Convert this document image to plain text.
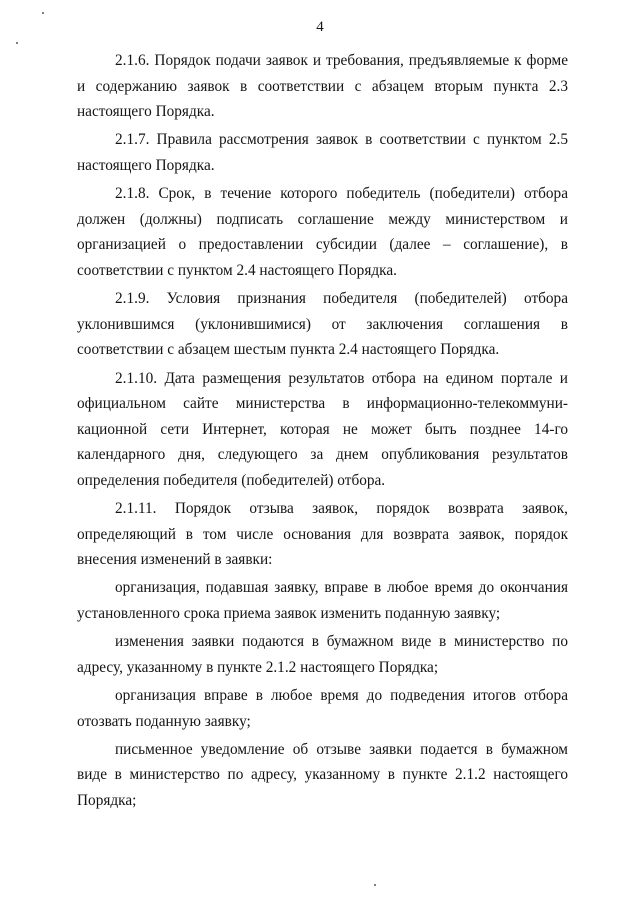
4

2.1.6. Порядок подачи заявок и требования, предъявляемые к форме и содержанию заявок в соответствии с абзацем вторым пункта 2.3 настоящего Порядка.

2.1.7. Правила рассмотрения заявок в соответствии с пунктом 2.5 настоящего Порядка.

2.1.8. Срок, в течение которого победитель (победители) отбора должен (должны) подписать соглашение между министерством и организацией о предоставлении субсидии (далее – соглашение), в соответствии с пунктом 2.4 настоящего Порядка.

2.1.9. Условия признания победителя (победителей) отбора уклонившимся (уклонившимися) от заключения соглашения в соответствии с абзацем шестым пункта 2.4 настоящего Порядка.

2.1.10. Дата размещения результатов отбора на едином портале и официальном сайте министерства в информационно-телекоммуни-кационной сети Интернет, которая не может быть позднее 14-го календарного дня, следующего за днем опубликования результатов определения победителя (победителей) отбора.

2.1.11. Порядок отзыва заявок, порядок возврата заявок, определяющий в том числе основания для возврата заявок, порядок внесения изменений в заявки:

организация, подавшая заявку, вправе в любое время до окончания установленного срока приема заявок изменить поданную заявку;

изменения заявки подаются в бумажном виде в министерство по адресу, указанному в пункте 2.1.2 настоящего Порядка;

организация вправе в любое время до подведения итогов отбора отозвать поданную заявку;

письменное уведомление об отзыве заявки подается в бумажном виде в министерство по адресу, указанному в пункте 2.1.2 настоящего Порядка;
